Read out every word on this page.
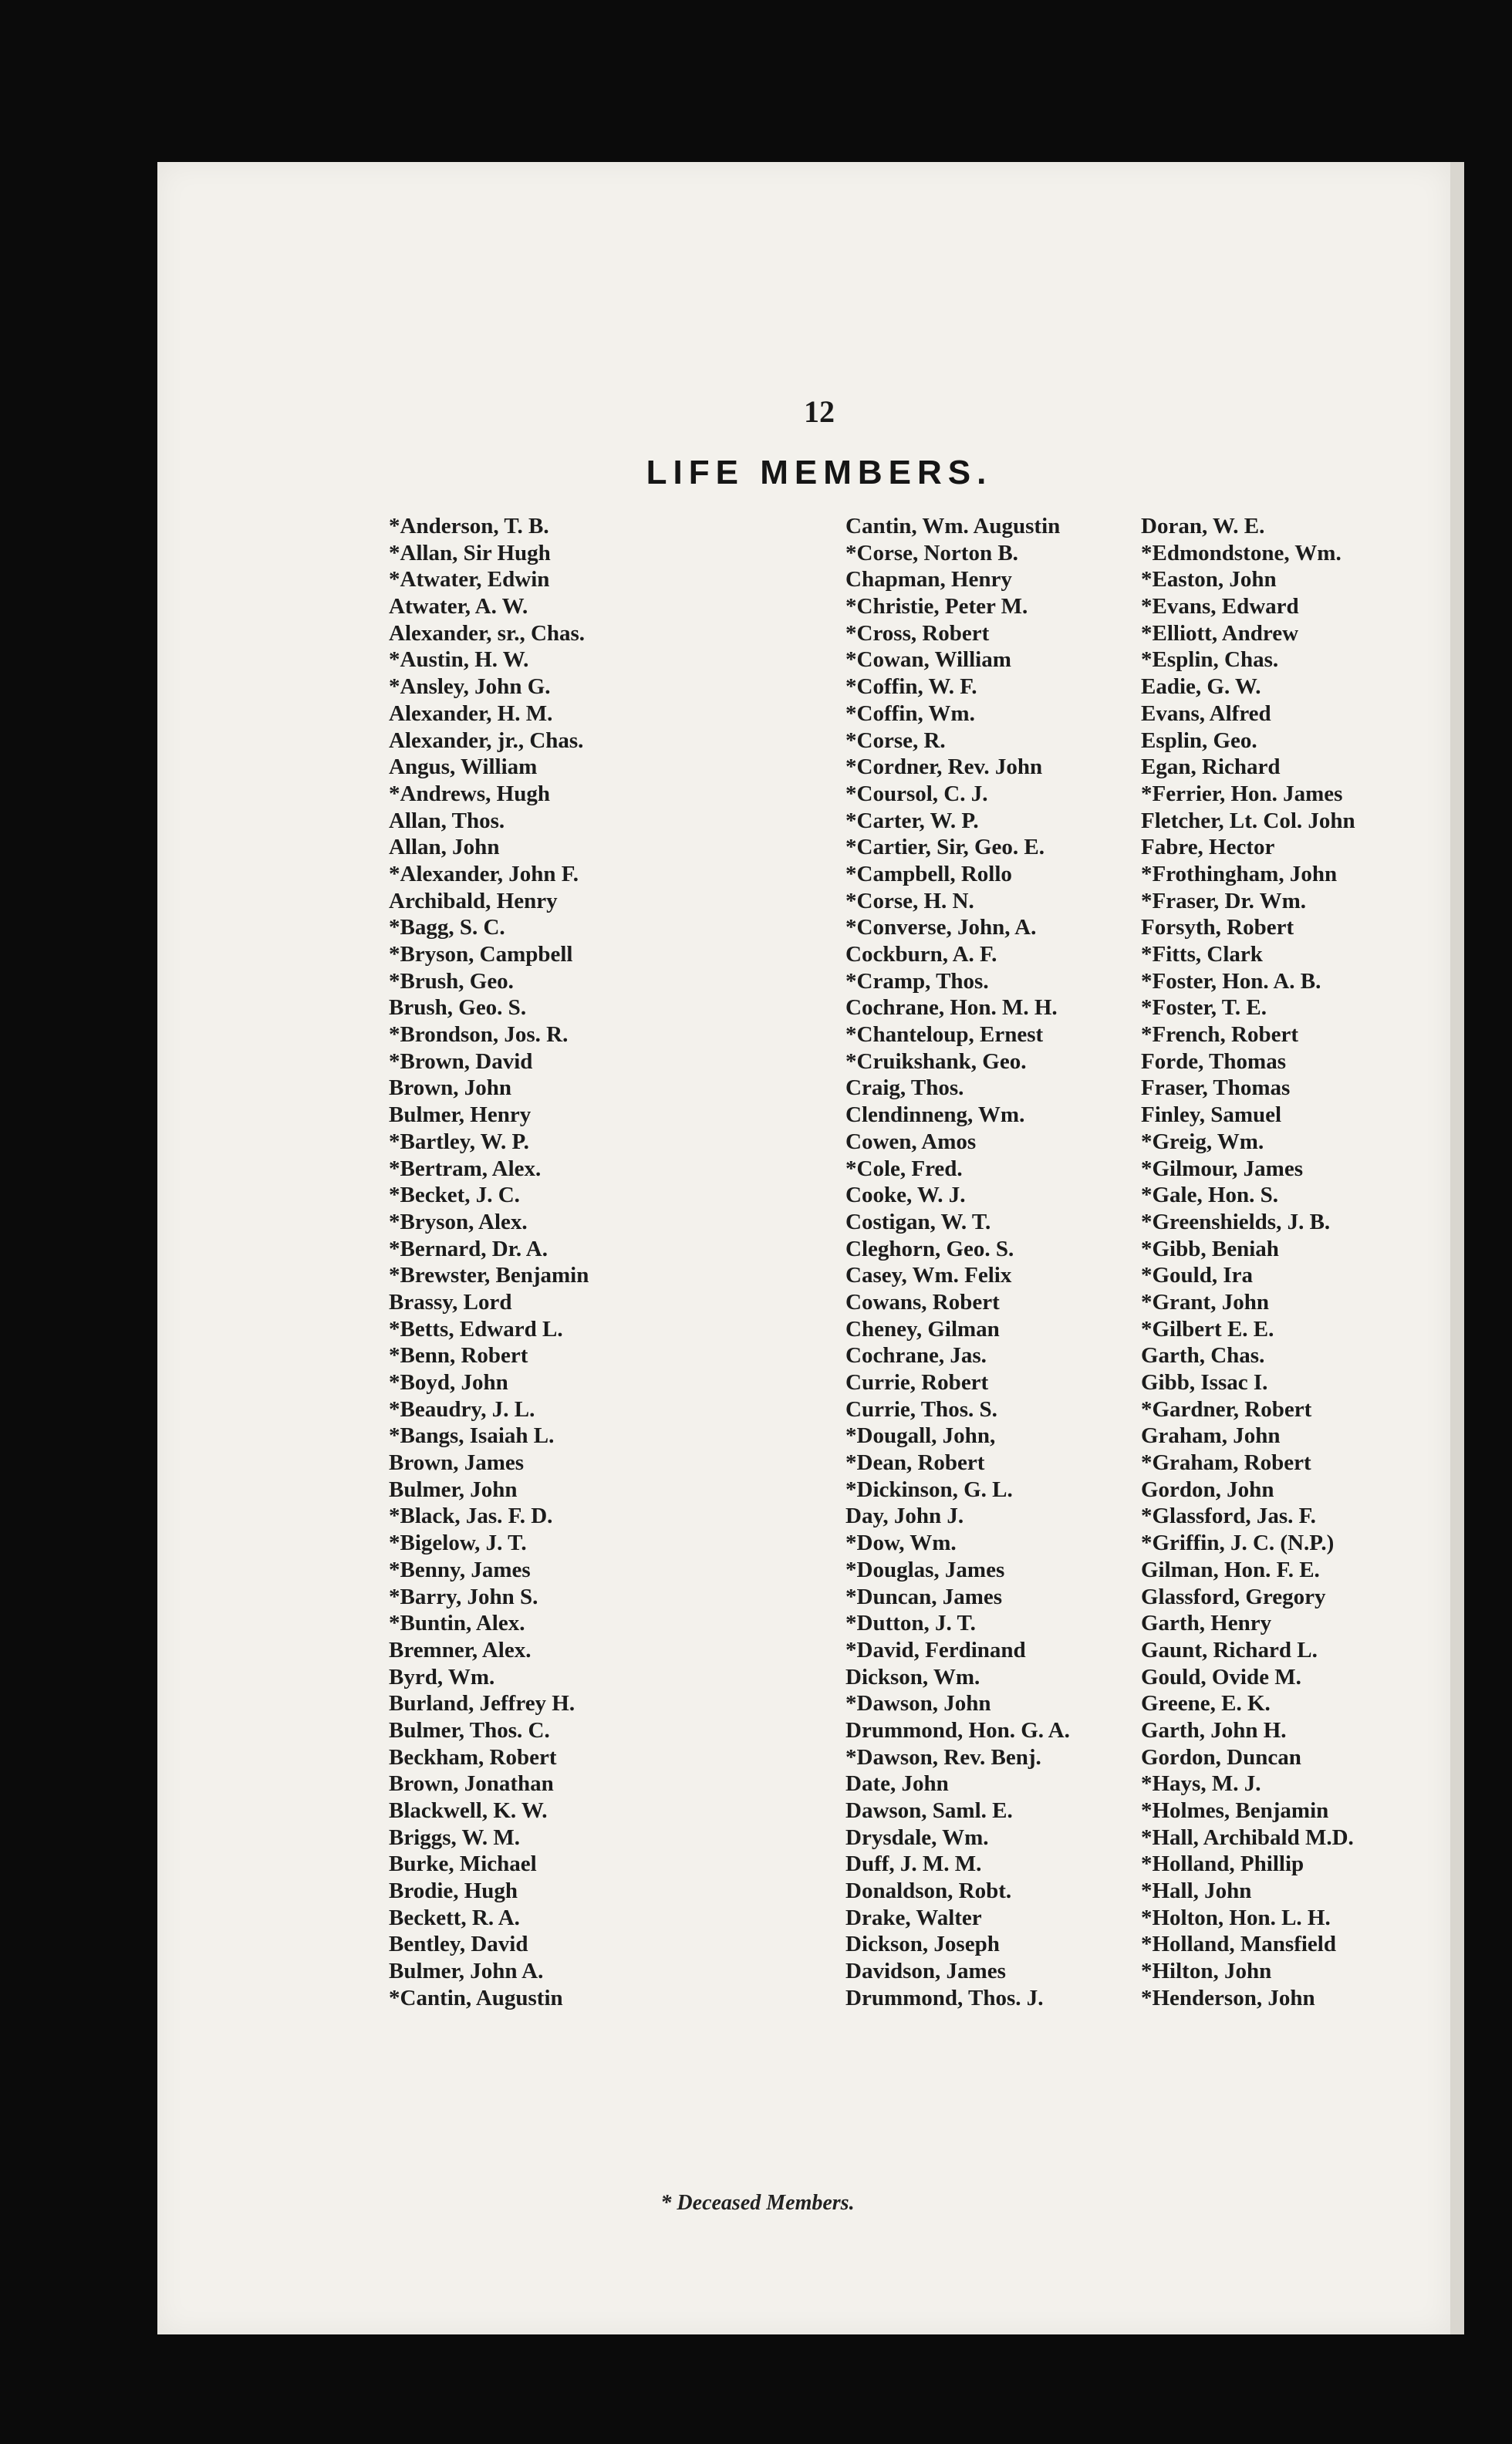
12
LIFE MEMBERS.
*Anderson, T. B.
*Allan, Sir Hugh
*Atwater, Edwin
Atwater, A. W.
Alexander, sr., Chas.
*Austin, H. W.
*Ansley, John G.
Alexander, H. M.
Alexander, jr., Chas.
Angus, William
*Andrews, Hugh
Allan, Thos.
Allan, John
*Alexander, John F.
Archibald, Henry
*Bagg, S. C.
*Bryson, Campbell
*Brush, Geo.
Brush, Geo. S.
*Brondson, Jos. R.
*Brown, David
Brown, John
Bulmer, Henry
*Bartley, W. P.
*Bertram, Alex.
*Becket, J. C.
*Bryson, Alex.
*Bernard, Dr. A.
*Brewster, Benjamin
Brassy, Lord
*Betts, Edward L.
*Benn, Robert
*Boyd, John
*Beaudry, J. L.
*Bangs, Isaiah L.
Brown, James
Bulmer, John
*Black, Jas. F. D.
*Bigelow, J. T.
*Benny, James
*Barry, John S.
*Buntin, Alex.
Bremner, Alex.
Byrd, Wm.
Burland, Jeffrey H.
Bulmer, Thos. C.
Beckham, Robert
Brown, Jonathan
Blackwell, K. W.
Briggs, W. M.
Burke, Michael
Brodie, Hugh
Beckett, R. A.
Bentley, David
Bulmer, John A.
*Cantin, Augustin
Cantin, Wm. Augustin
*Corse, Norton B.
Chapman, Henry
*Christie, Peter M.
*Cross, Robert
*Cowan, William
*Coffin, W. F.
*Coffin, Wm.
*Corse, R.
*Cordner, Rev. John
*Coursol, C. J.
*Carter, W. P.
*Cartier, Sir, Geo. E.
*Campbell, Rollo
*Corse, H. N.
*Converse, John, A.
Cockburn, A. F.
*Cramp, Thos.
Cochrane, Hon. M. H.
*Chanteloup, Ernest
*Cruikshank, Geo.
Craig, Thos.
Clendinneng, Wm.
Cowen, Amos
*Cole, Fred.
Cooke, W. J.
Costigan, W. T.
Cleghorn, Geo. S.
Casey, Wm. Felix
Cowans, Robert
Cheney, Gilman
Cochrane, Jas.
Currie, Robert
Currie, Thos. S.
*Dougall, John,
*Dean, Robert
*Dickinson, G. L.
Day, John J.
*Dow, Wm.
*Douglas, James
*Duncan, James
*Dutton, J. T.
*David, Ferdinand
Dickson, Wm.
*Dawson, John
Drummond, Hon. G. A.
*Dawson, Rev. Benj.
Date, John
Dawson, Saml. E.
Drysdale, Wm.
Duff, J. M. M.
Donaldson, Robt.
Drake, Walter
Dickson, Joseph
Davidson, James
Drummond, Thos. J.
Doran, W. E.
*Edmondstone, Wm.
*Easton, John
*Evans, Edward
*Elliott, Andrew
*Esplin, Chas.
Eadie, G. W.
Evans, Alfred
Esplin, Geo.
Egan, Richard
*Ferrier, Hon. James
Fletcher, Lt. Col. John
Fabre, Hector
*Frothingham, John
*Fraser, Dr. Wm.
Forsyth, Robert
*Fitts, Clark
*Foster, Hon. A. B.
*Foster, T. E.
*French, Robert
Forde, Thomas
Fraser, Thomas
Finley, Samuel
*Greig, Wm.
*Gilmour, James
*Gale, Hon. S.
*Greenshields, J. B.
*Gibb, Beniah
*Gould, Ira
*Grant, John
*Gilbert E. E.
Garth, Chas.
Gibb, Issac I.
*Gardner, Robert
Graham, John
*Graham, Robert
Gordon, John
*Glassford, Jas. F.
*Griffin, J. C. (N.P.)
Gilman, Hon. F. E.
Glassford, Gregory
Garth, Henry
Gaunt, Richard L.
Gould, Ovide M.
Greene, E. K.
Garth, John H.
Gordon, Duncan
*Hays, M. J.
*Holmes, Benjamin
*Hall, Archibald M.D.
*Holland, Phillip
*Hall, John
*Holton, Hon. L. H.
*Holland, Mansfield
*Hilton, John
*Henderson, John
* Deceased Members.
